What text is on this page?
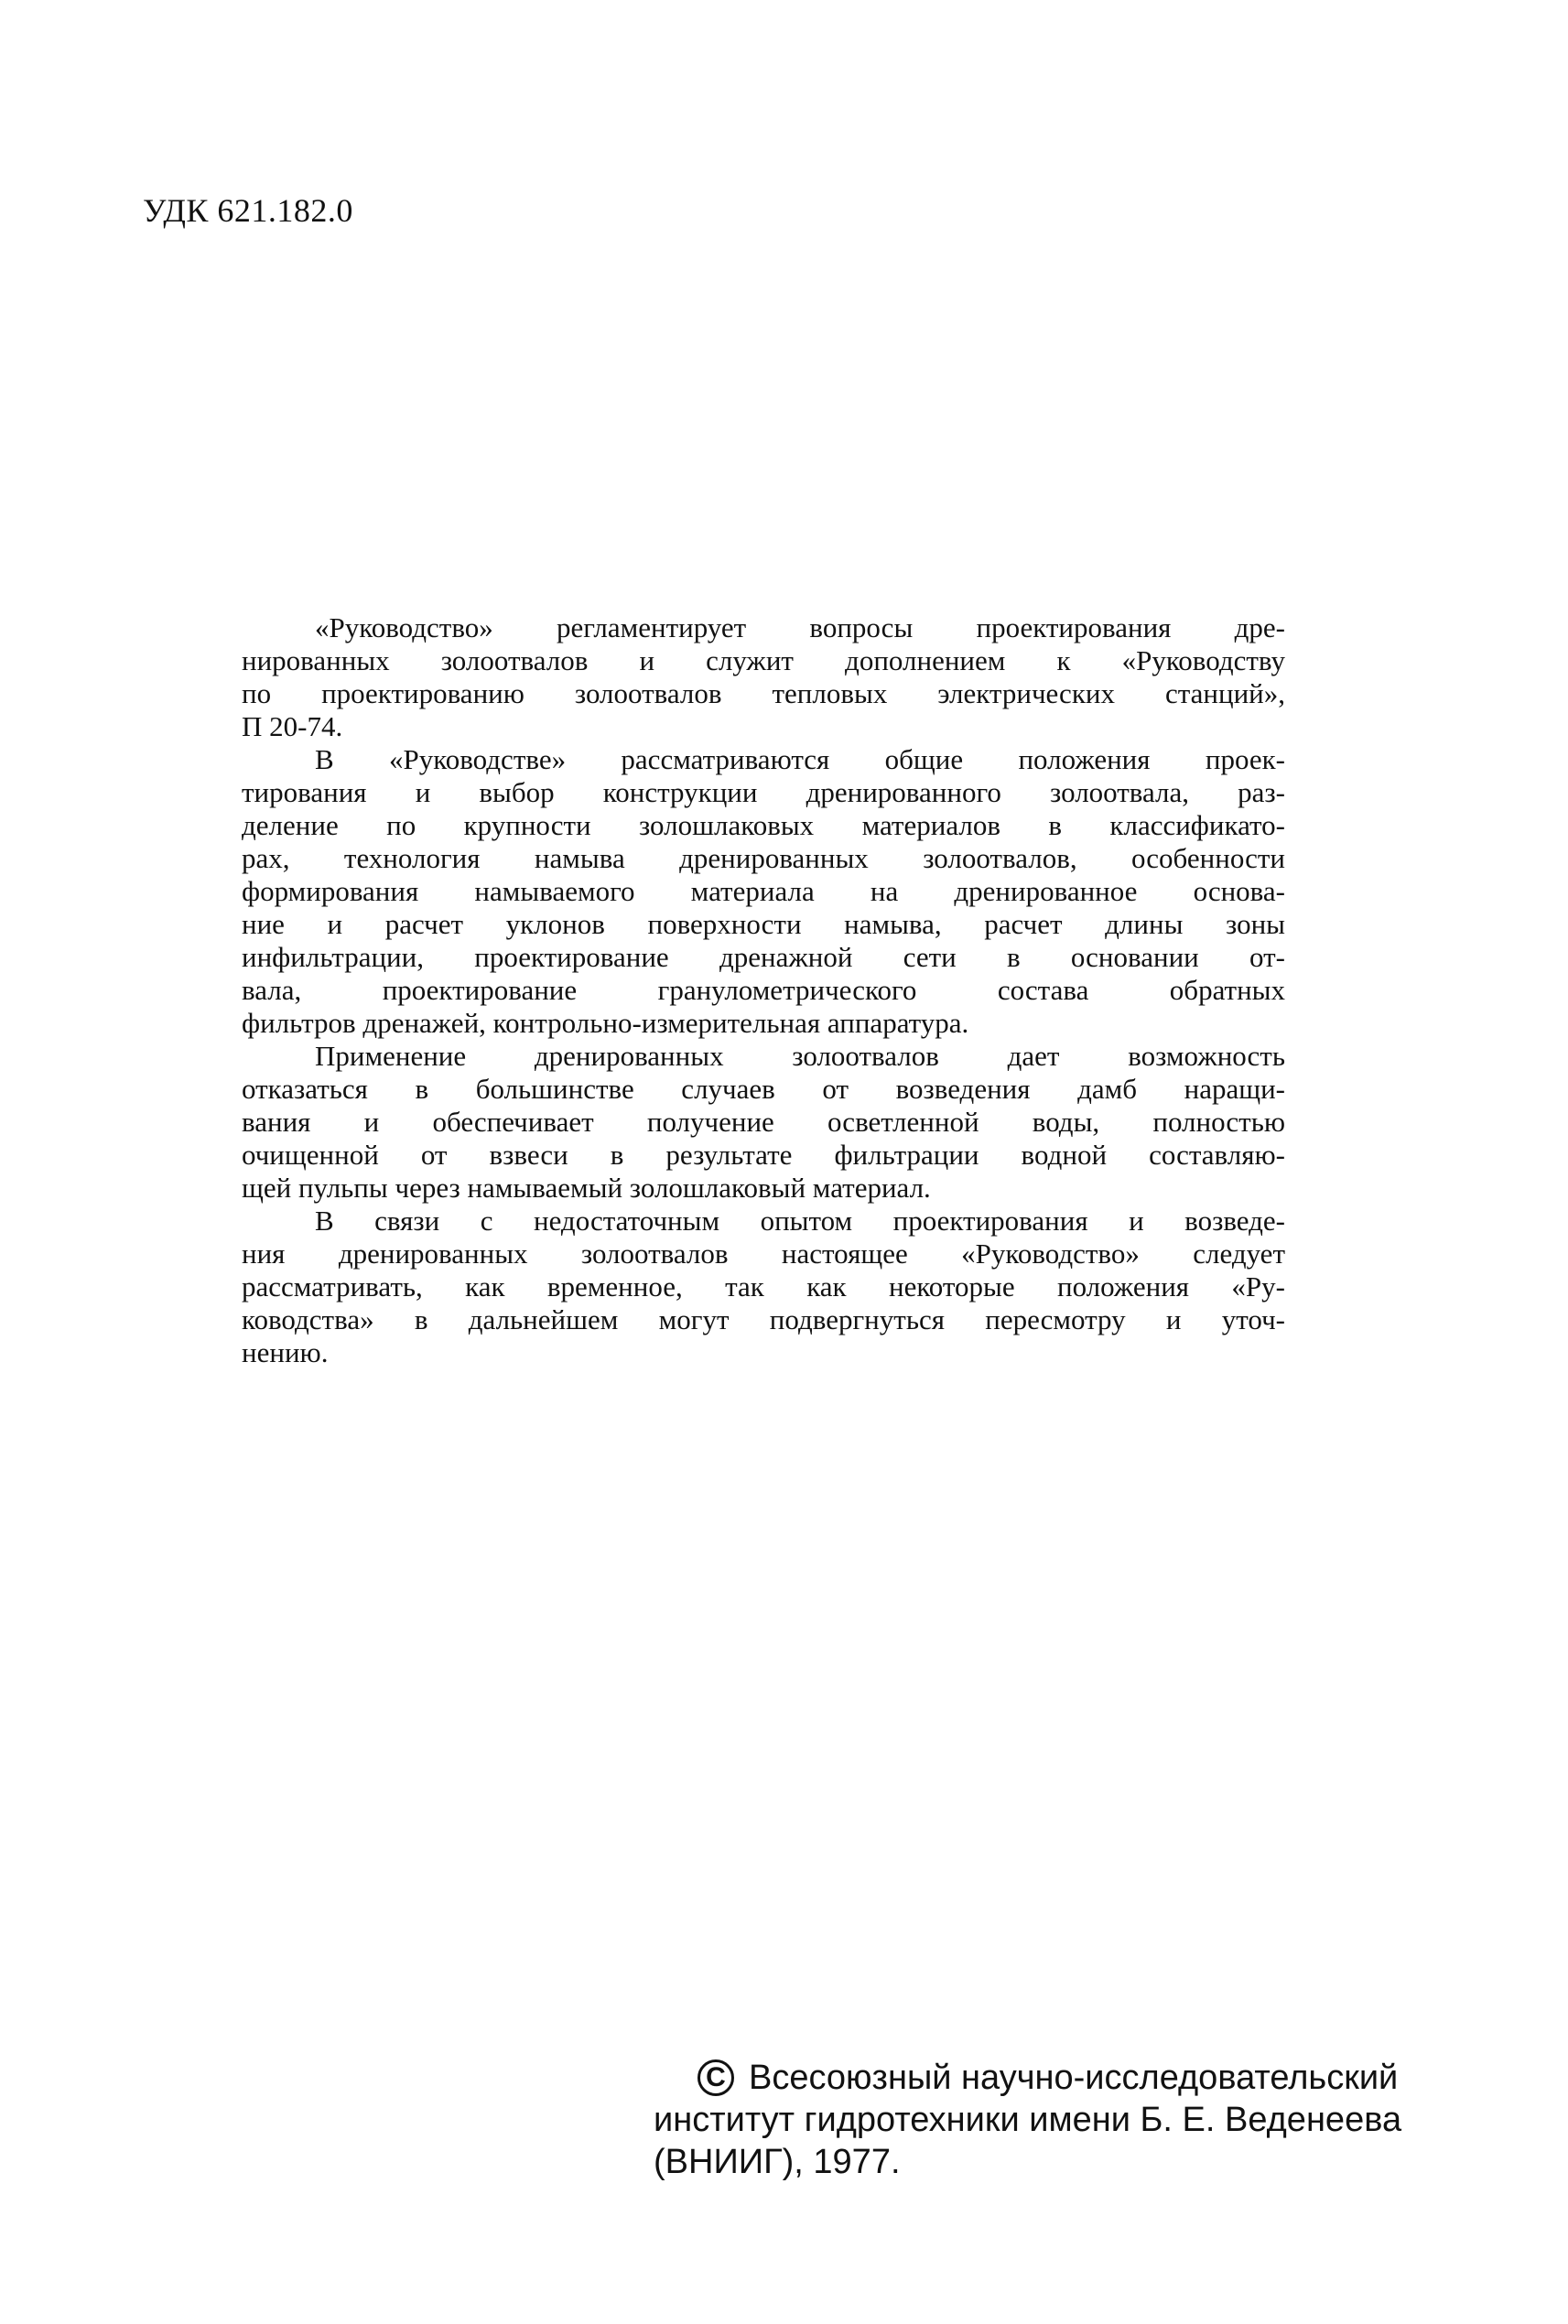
УДК 621.182.0
«Руководство» регламентирует вопросы проектирования дре-
нированных золоотвалов и служит дополнением к «Руководству
по проектированию золоотвалов тепловых электрических станций»,
П 20-74.
В «Руководстве» рассматриваются общие положения проек-
тирования и выбор конструкции дренированного золоотвала, раз-
деление по крупности золошлаковых материалов в классификато-
рах, технология намыва дренированных золоотвалов, особенности
формирования намываемого материала на дренированное основа-
ние и расчет уклонов поверхности намыва, расчет длины зоны
инфильтрации, проектирование дренажной сети в основании от-
вала, проектирование гранулометрического состава обратных
фильтров дренажей, контрольно-измерительная аппаратура.
Применение дренированных золоотвалов дает возможность
отказаться в большинстве случаев от возведения дамб наращи-
вания и обеспечивает получение осветленной воды, полностью
очищенной от взвеси в результате фильтрации водной составляю-
щей пульпы через намываемый золошлаковый материал.
В связи с недостаточным опытом проектирования и возведе-
ния дренированных золоотвалов настоящее «Руководство» следует
рассматривать, как временное, так как некоторые положения «Ру-
ководства» в дальнейшем могут подвергнуться пересмотру и уточ-
нению.
C Всесоюзный научно-исследовательский
институт гидротехники имени Б. Е. Веденеева
(ВНИИГ), 1977.
